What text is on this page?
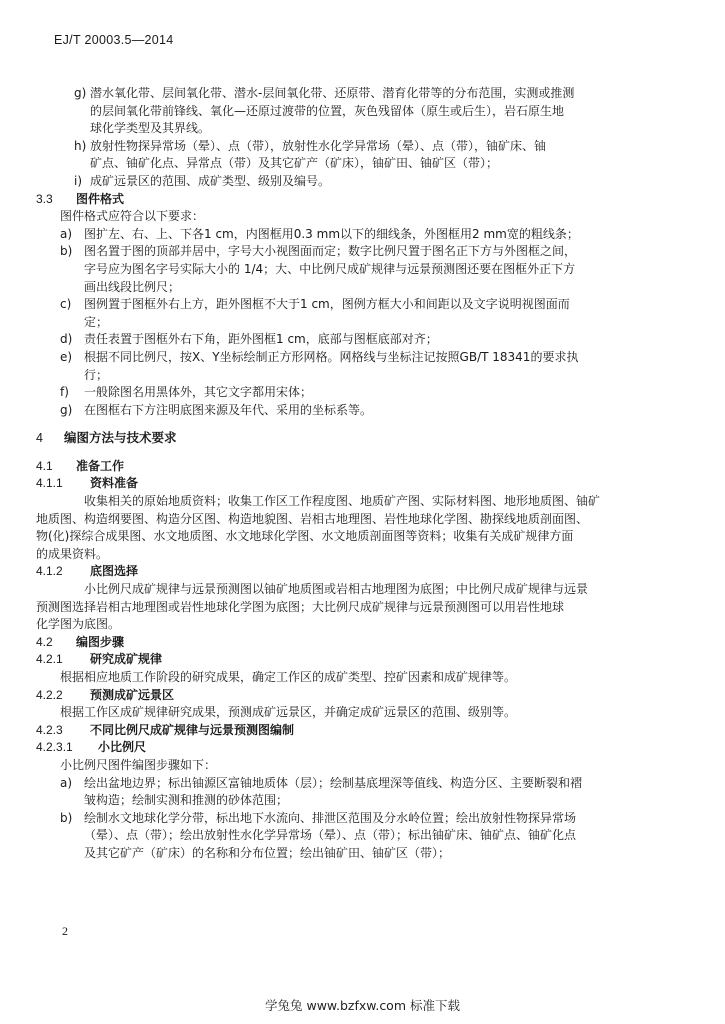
EJ/T 20003.5—2014
g) 潜水氧化带、层间氧化带、潜水-层间氧化带、还原带、潜育化带等的分布范围，实测或推测
的层间氧化带前锋线、氧化—还原过渡带的位置，灰色残留体（原生或后生），岩石原生地
球化学类型及其界线。
h) 放射性物探异常场（晕）、点（带），放射性水化学异常场（晕）、点（带），铀矿床、铀
矿点、铀矿化点、异常点（带）及其它矿产（矿床），铀矿田、铀矿区（带）；
i) 成矿远景区的范围、成矿类型、级别及编号。
3.3 图件格式
图件格式应符合以下要求：
a) 图扩左、右、上、下各1 cm，内图框用0.3 mm以下的细线条，外图框用2 mm宽的粗线条；
b) 图名置于图的顶部并居中，字号大小视图面而定；数字比例尺置于图名正下方与外图框之间，
字号应为图名字号实际大小的 1/4；大、中比例尺成矿规律与远景预测图还要在图框外正下方
画出线段比例尺；
c) 图例置于图框外右上方，距外图框不大于1 cm，图例方框大小和间距以及文字说明视图面而
定；
d) 责任表置于图框外右下角，距外图框1 cm，底部与图框底部对齐；
e) 根据不同比例尺，按X、Y坐标绘制正方形网格。网格线与坐标注记按照GB/T 18341的要求执
行；
f) 一般除图名用黑体外，其它文字都用宋体；
g) 在图框右下方注明底图来源及年代、采用的坐标系等。
4 编图方法与技术要求
4.1 准备工作
4.1.1 资料准备
收集相关的原始地质资料；收集工作区工作程度图、地质矿产图、实际材料图、地形地质图、铀矿
地质图、构造纲要图、构造分区图、构造地貌图、岩相古地理图、岩性地球化学图、勘探线地质剖面图、
物(化)探综合成果图、水文地质图、水文地球化学图、水文地质剖面图等资料；收集有关成矿规律方面
的成果资料。
4.1.2 底图选择
小比例尺成矿规律与远景预测图以铀矿地质图或岩相古地理图为底图；中比例尺成矿规律与远景
预测图选择岩相古地理图或岩性地球化学图为底图；大比例尺成矿规律与远景预测图可以用岩性地球
化学图为底图。
4.2 编图步骤
4.2.1 研究成矿规律
根据相应地质工作阶段的研究成果，确定工作区的成矿类型、控矿因素和成矿规律等。
4.2.2 预测成矿远景区
根据工作区成矿规律研究成果，预测成矿远景区，并确定成矿远景区的范围、级别等。
4.2.3 不同比例尺成矿规律与远景预测图编制
4.2.3.1 小比例尺
小比例尺图件编图步骤如下：
a) 绘出盆地边界；标出铀源区富铀地质体（层）；绘制基底埋深等值线、构造分区、主要断裂和褶
皱构造；绘制实测和推测的砂体范围；
b) 绘制水文地球化学分带，标出地下水流向、排泄区范围及分水岭位置；绘出放射性物探异常场
（晕）、点（带）；绘出放射性水化学异常场（晕）、点（带）；标出铀矿床、铀矿点、铀矿化点
及其它矿产（矿床）的名称和分布位置；绘出铀矿田、铀矿区（带）；
2
学兔兔 www.bzfxw.com 标准下载
